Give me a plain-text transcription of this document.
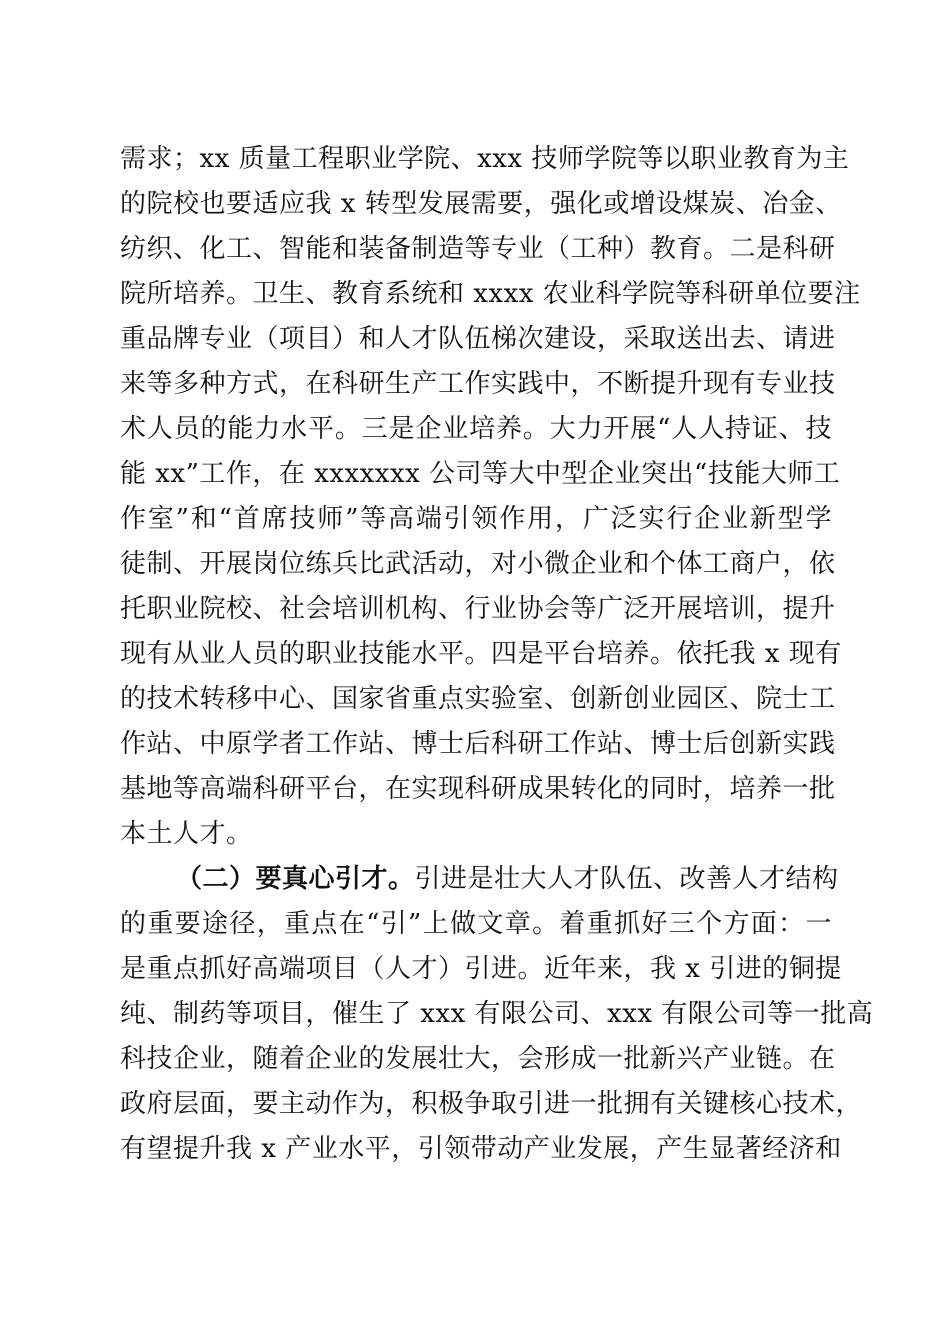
需求；xx 质量工程职业学院、xxx 技师学院等以职业教育为主
的院校也要适应我 x 转型发展需要，强化或增设煤炭、冶金、
纺织、化工、智能和装备制造等专业（工种）教育。二是科研
院所培养。卫生、教育系统和 xxxx 农业科学院等科研单位要注
重品牌专业（项目）和人才队伍梯次建设，采取送出去、请进
来等多种方式，在科研生产工作实践中，不断提升现有专业技
术人员的能力水平。三是企业培养。大力开展“人人持证、技
能 xx”工作，在 xxxxxxx 公司等大中型企业突出“技能大师工
作室”和“首席技师”等高端引领作用，广泛实行企业新型学
徒制、开展岗位练兵比武活动，对小微企业和个体工商户，依
托职业院校、社会培训机构、行业协会等广泛开展培训，提升
现有从业人员的职业技能水平。四是平台培养。依托我 x 现有
的技术转移中心、国家省重点实验室、创新创业园区、院士工
作站、中原学者工作站、博士后科研工作站、博士后创新实践
基地等高端科研平台，在实现科研成果转化的同时，培养一批
本土人才。
（二）要真心引才。引进是壮大人才队伍、改善人才结构
的重要途径，重点在“引”上做文章。着重抓好三个方面：一
是重点抓好高端项目（人才）引进。近年来，我 x 引进的铜提
纯、制药等项目，催生了 xxx 有限公司、xxx 有限公司等一批高
科技企业，随着企业的发展壮大，会形成一批新兴产业链。在
政府层面，要主动作为，积极争取引进一批拥有关键核心技术，
有望提升我 x 产业水平，引领带动产业发展，产生显著经济和
